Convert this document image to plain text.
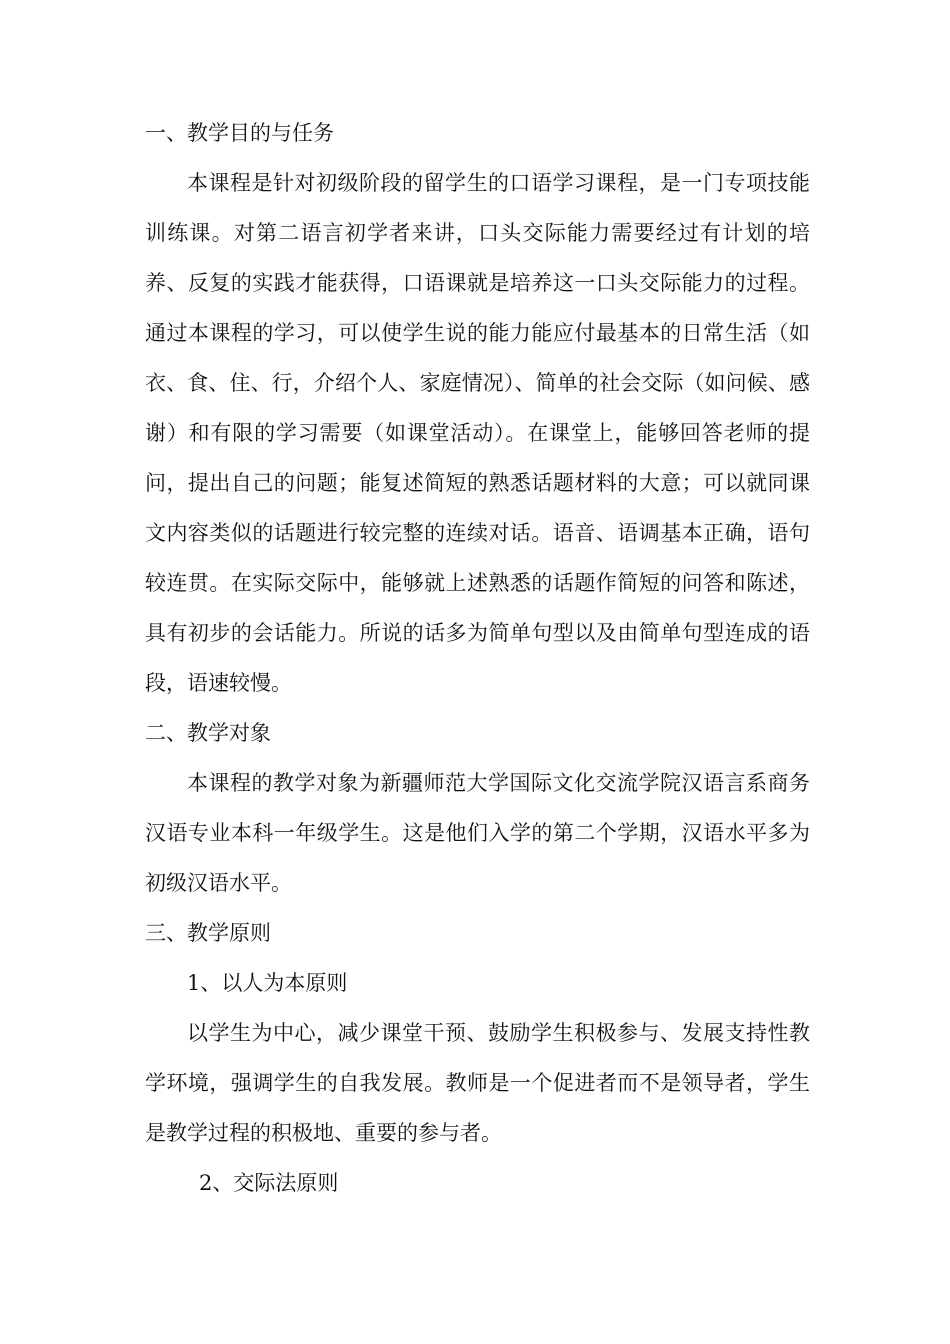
一、教学目的与任务

本课程是针对初级阶段的留学生的口语学习课程，是一门专项技能训练课。对第二语言初学者来讲，口头交际能力需要经过有计划的培养、反复的实践才能获得，口语课就是培养这一口头交际能力的过程。通过本课程的学习，可以使学生说的能力能应付最基本的日常生活（如衣、食、住、行，介绍个人、家庭情况）、简单的社会交际（如问候、感谢）和有限的学习需要（如课堂活动）。在课堂上，能够回答老师的提问，提出自己的问题；能复述简短的熟悉话题材料的大意；可以就同课文内容类似的话题进行较完整的连续对话。语音、语调基本正确，语句较连贯。在实际交际中，能够就上述熟悉的话题作简短的问答和陈述，具有初步的会话能力。所说的话多为简单句型以及由简单句型连成的语段，语速较慢。

二、教学对象

本课程的教学对象为新疆师范大学国际文化交流学院汉语言系商务汉语专业本科一年级学生。这是他们入学的第二个学期，汉语水平多为初级汉语水平。

三、教学原则
1、以人为本原则

以学生为中心，减少课堂干预、鼓励学生积极参与、发展支持性教学环境，强调学生的自我发展。教师是一个促进者而不是领导者，学生是教学过程的积极地、重要的参与者。

2、交际法原则
